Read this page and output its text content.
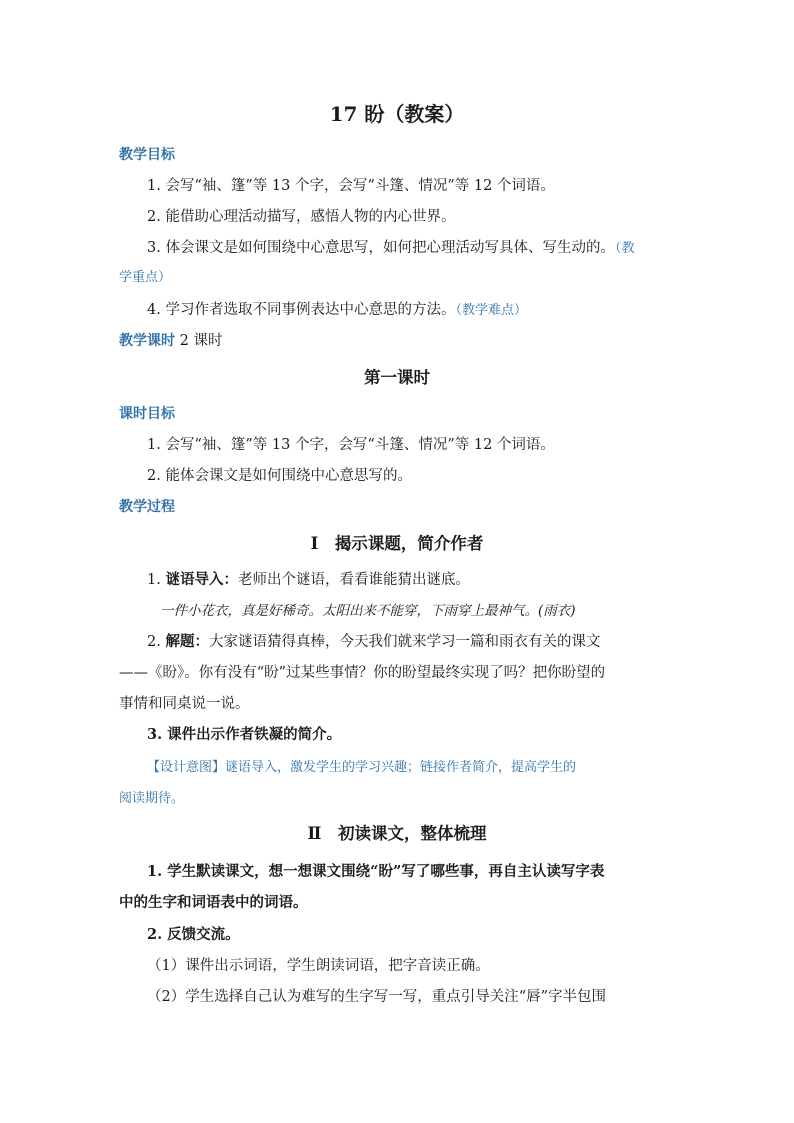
17 盼（教案）
教学目标
1. 会写“袖、篷”等 13 个字，会写“斗篷、情况”等 12 个词语。
2. 能借助心理活动描写，感悟人物的内心世界。
3. 体会课文是如何围绕中心意思写，如何把心理活动写具体、写生动的。（教
学重点）
4. 学习作者选取不同事例表达中心意思的方法。（教学难点）
教学课时 2 课时
第一课时
课时目标
1. 会写“袖、篷”等 13 个字，会写“斗篷、情况”等 12 个词语。
2. 能体会课文是如何围绕中心意思写的。
教学过程
Ⅰ　揭示课题，简介作者
1. 谜语导入：老师出个谜语，看看谁能猜出谜底。
一件小花衣，真是好稀奇。太阳出来不能穿，下雨穿上最神气。(雨衣)
2. 解题：大家谜语猜得真棒，今天我们就来学习一篇和雨衣有关的课文
——《盼》。你有没有“盼”过某些事情？你的盼望最终实现了吗？把你盼望的
事情和同桌说一说。
3. 课件出示作者铁凝的简介。
【设计意图】谜语导入，激发学生的学习兴趣；链接作者简介，提高学生的
阅读期待。
Ⅱ　初读课文，整体梳理
1. 学生默读课文，想一想课文围绕“盼”写了哪些事，再自主认读写字表
中的生字和词语表中的词语。
2. 反馈交流。
（1）课件出示词语，学生朗读词语，把字音读正确。
（2）学生选择自己认为难写的生字写一写，重点引导关注“唇”字半包围
